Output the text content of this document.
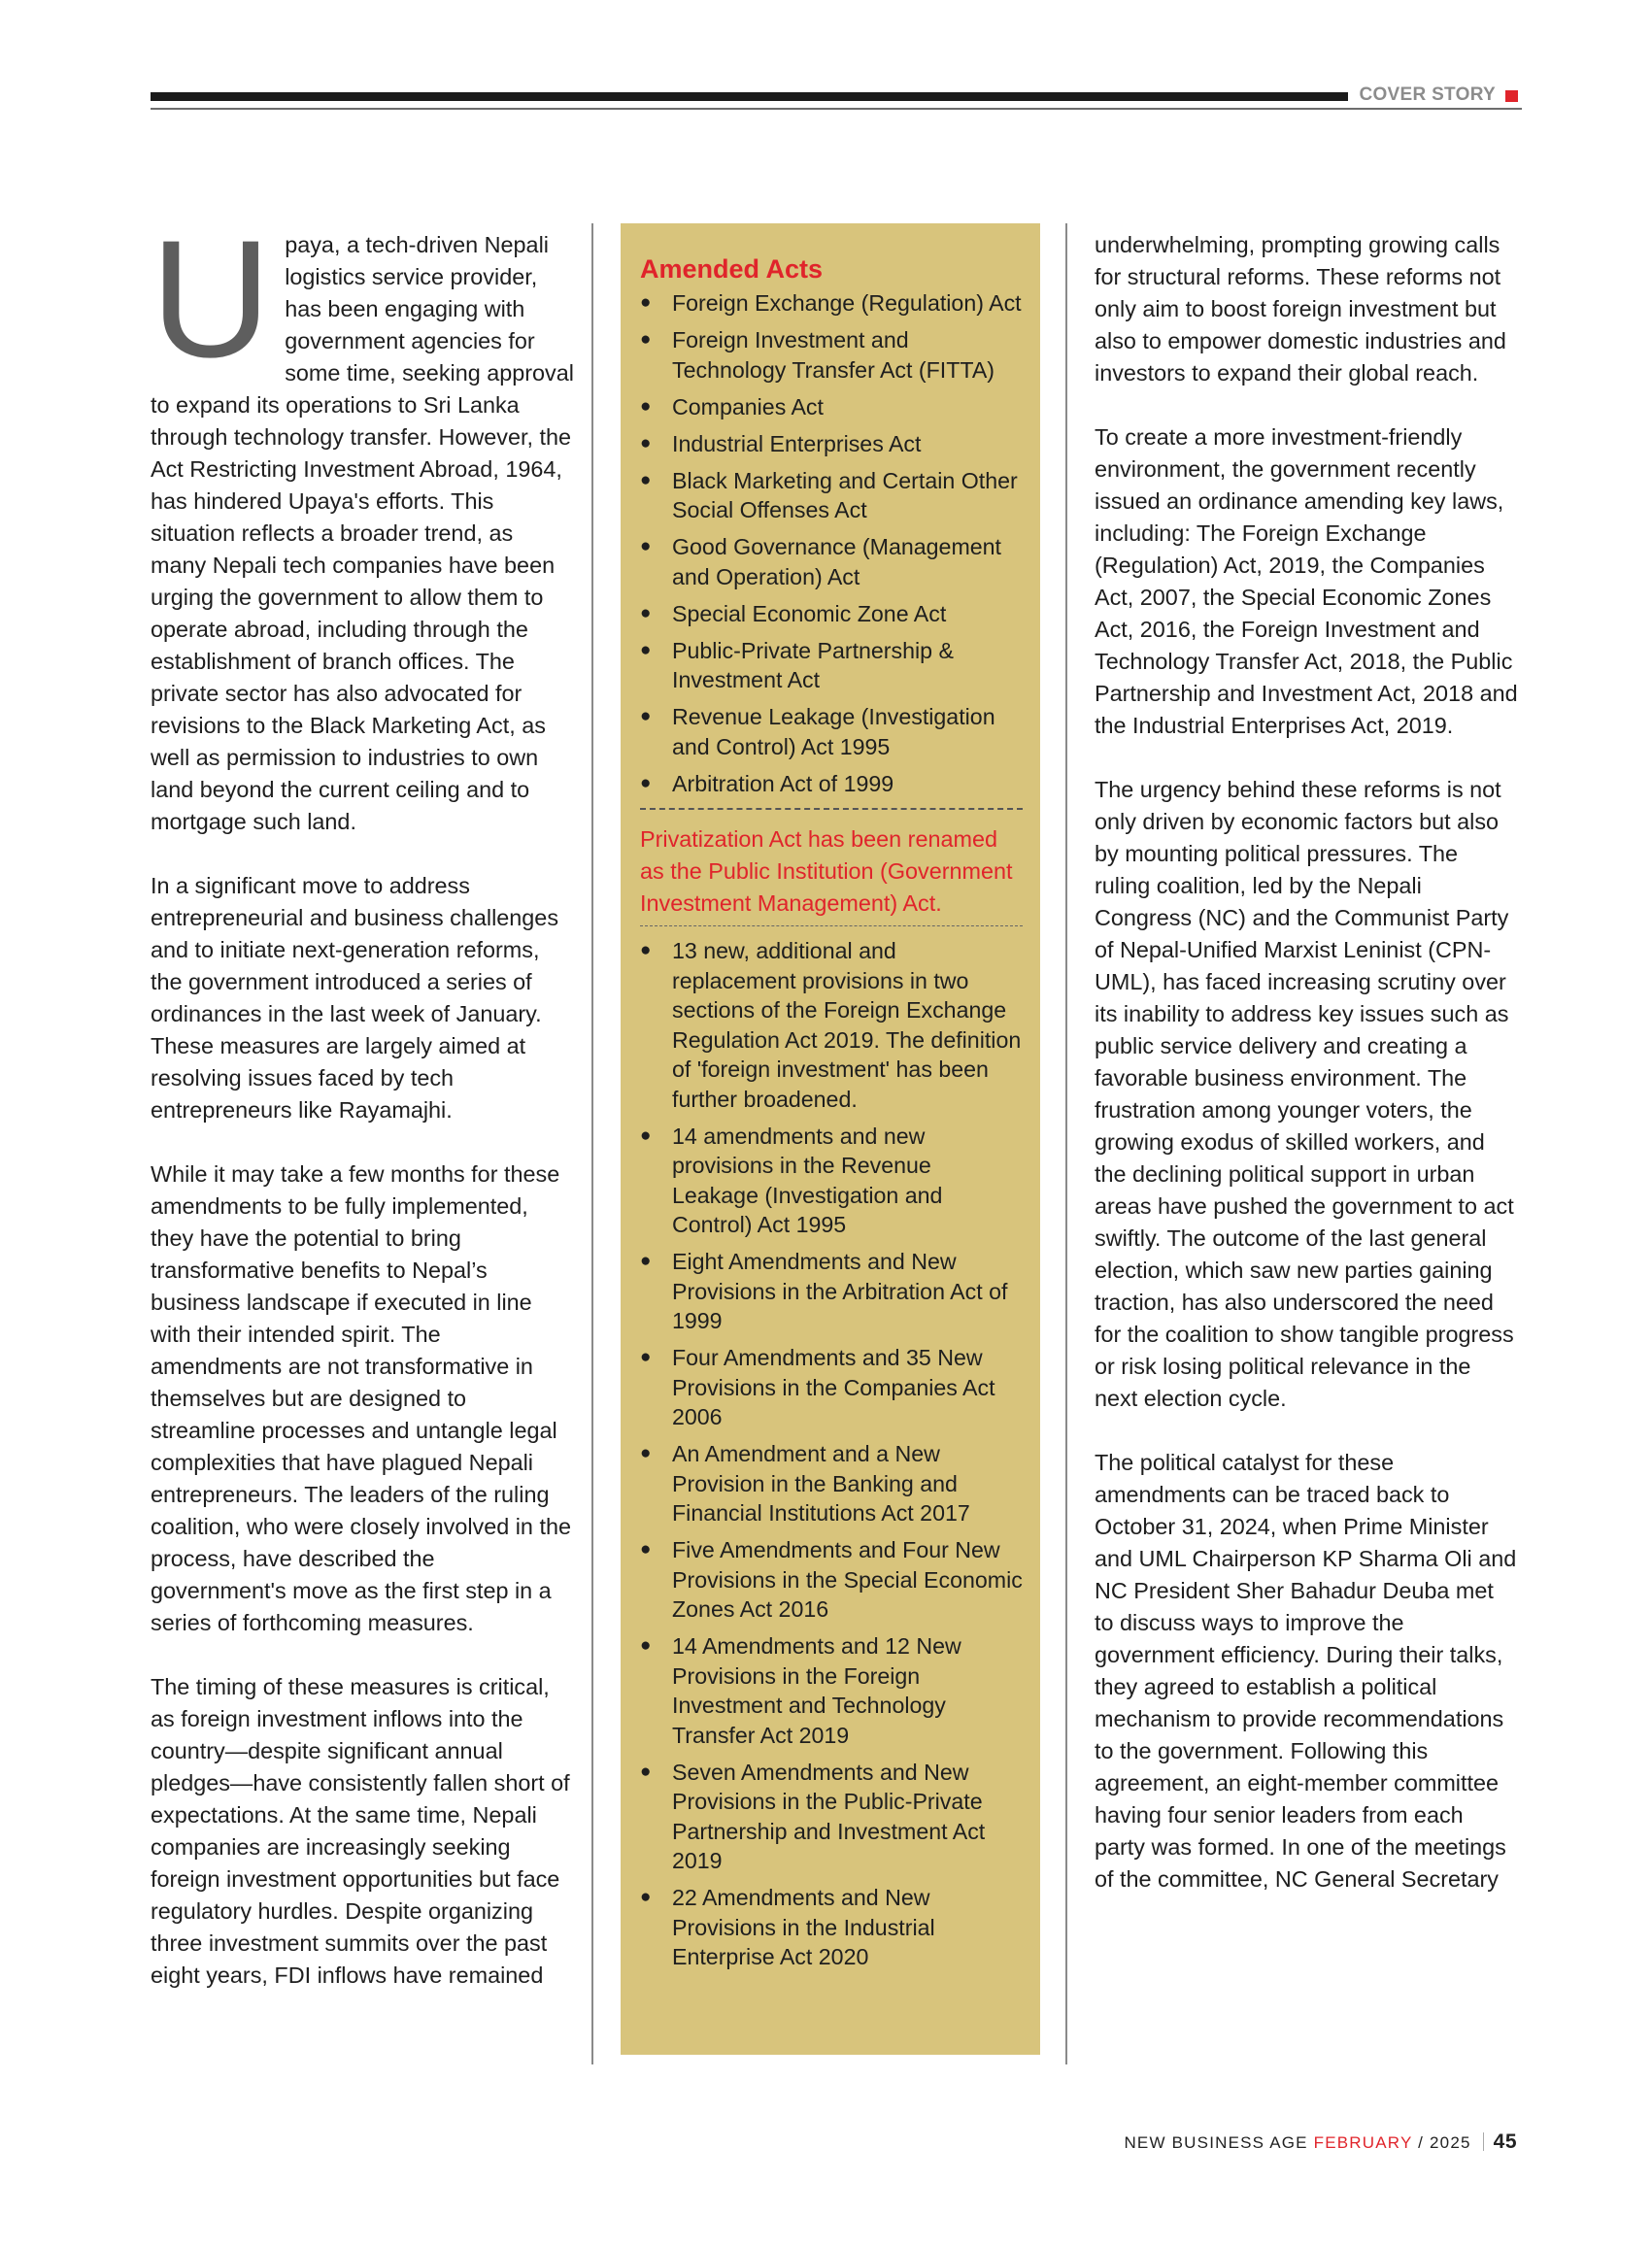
COVER STORY

Upaya, a tech-driven Nepali logistics service provider, has been engaging with government agencies for some time, seeking approval to expand its operations to Sri Lanka through technology transfer. However, the Act Restricting Investment Abroad, 1964, has hindered Upaya's efforts. This situation reflects a broader trend, as many Nepali tech companies have been urging the government to allow them to operate abroad, including through the establishment of branch offices. The private sector has also advocated for revisions to the Black Marketing Act, as well as permission to industries to own land beyond the current ceiling and to mortgage such land.

In a significant move to address entrepreneurial and business challenges and to initiate next-generation reforms, the government introduced a series of ordinances in the last week of January. These measures are largely aimed at resolving issues faced by tech entrepreneurs like Rayamajhi.

While it may take a few months for these amendments to be fully implemented, they have the potential to bring transformative benefits to Nepal’s business landscape if executed in line with their intended spirit. The amendments are not transformative in themselves but are designed to streamline processes and untangle legal complexities that have plagued Nepali entrepreneurs. The leaders of the ruling coalition, who were closely involved in the process, have described the government's move as the first step in a series of forthcoming measures.

The timing of these measures is critical, as foreign investment inflows into the country—despite significant annual pledges—have consistently fallen short of expectations. At the same time, Nepali companies are increasingly seeking foreign investment opportunities but face regulatory hurdles. Despite organizing three investment summits over the past eight years, FDI inflows have remained

Amended Acts
● Foreign Exchange (Regulation) Act
● Foreign Investment and Technology Transfer Act (FITTA)
● Companies Act
● Industrial Enterprises Act
● Black Marketing and Certain Other Social Offenses Act
● Good Governance (Management and Operation) Act
● Special Economic Zone Act
● Public-Private Partnership & Investment Act
● Revenue Leakage (Investigation and Control) Act 1995
● Arbitration Act of 1999

Privatization Act has been renamed as the Public Institution (Government Investment Management) Act.

● 13 new, additional and replacement provisions in two sections of the Foreign Exchange Regulation Act 2019. The definition of 'foreign investment' has been further broadened.
● 14 amendments and new provisions in the Revenue Leakage (Investigation and Control) Act 1995
● Eight Amendments and New Provisions in the Arbitration Act of 1999
● Four Amendments and 35 New Provisions in the Companies Act 2006
● An Amendment and a New Provision in the Banking and Financial Institutions Act 2017
● Five Amendments and Four New Provisions in the Special Economic Zones Act 2016
● 14 Amendments and 12 New Provisions in the Foreign Investment and Technology Transfer Act 2019
● Seven Amendments and New Provisions in the Public-Private Partnership and Investment Act 2019
● 22 Amendments and New Provisions in the Industrial Enterprise Act 2020

underwhelming, prompting growing calls for structural reforms. These reforms not only aim to boost foreign investment but also to empower domestic industries and investors to expand their global reach.

To create a more investment-friendly environment, the government recently issued an ordinance amending key laws, including: The Foreign Exchange (Regulation) Act, 2019, the Companies Act, 2007, the Special Economic Zones Act, 2016, the Foreign Investment and Technology Transfer Act, 2018, the Public Partnership and Investment Act, 2018 and the Industrial Enterprises Act, 2019.

The urgency behind these reforms is not only driven by economic factors but also by mounting political pressures. The ruling coalition, led by the Nepali Congress (NC) and the Communist Party of Nepal-Unified Marxist Leninist (CPN-UML), has faced increasing scrutiny over its inability to address key issues such as public service delivery and creating a favorable business environment. The frustration among younger voters, the growing exodus of skilled workers, and the declining political support in urban areas have pushed the government to act swiftly. The outcome of the last general election, which saw new parties gaining traction, has also underscored the need for the coalition to show tangible progress or risk losing political relevance in the next election cycle.

The political catalyst for these amendments can be traced back to October 31, 2024, when Prime Minister and UML Chairperson KP Sharma Oli and NC President Sher Bahadur Deuba met to discuss ways to improve the government efficiency. During their talks, they agreed to establish a political mechanism to provide recommendations to the government. Following this agreement, an eight-member committee having four senior leaders from each party was formed. In one of the meetings of the committee, NC General Secretary

NEW BUSINESS AGE FEBRUARY / 2025 45
